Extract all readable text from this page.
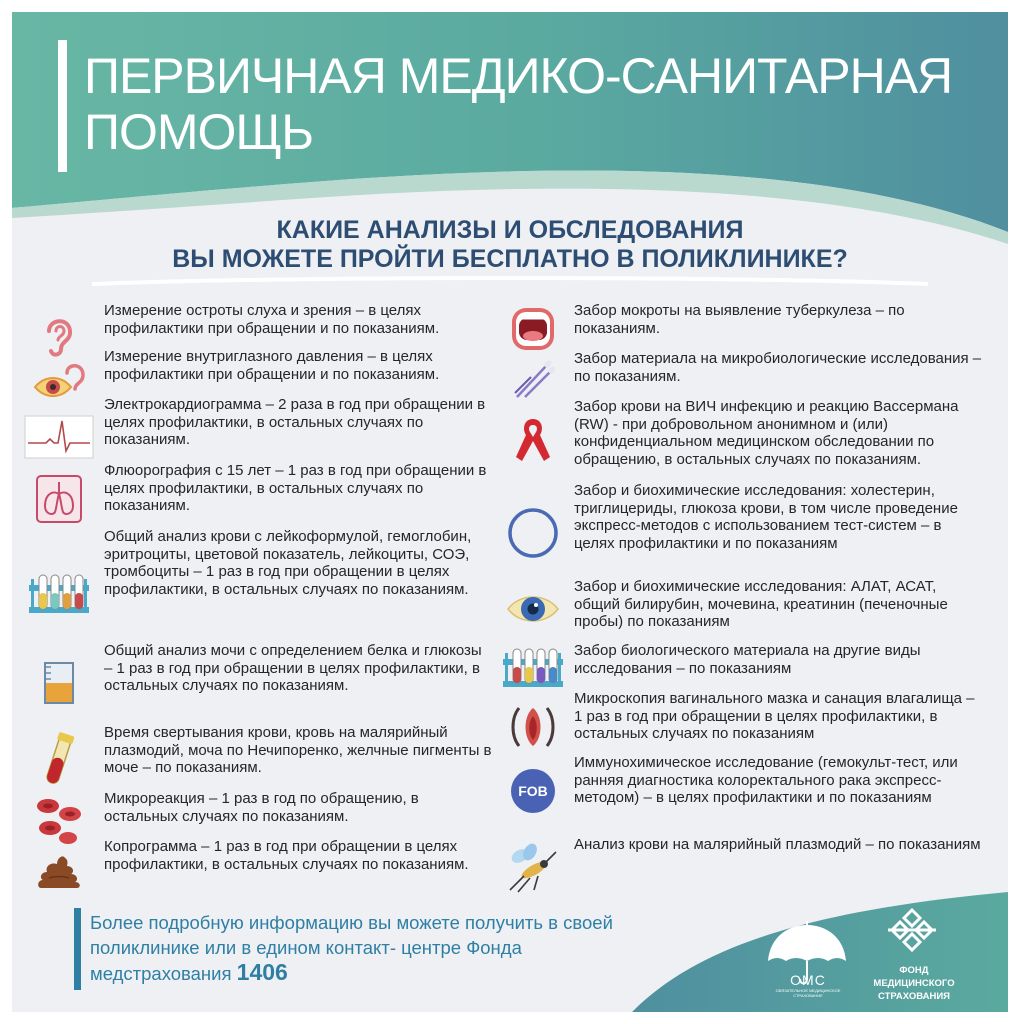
ПЕРВИЧНАЯ МЕДИКО-САНИТАРНАЯ
ПОМОЩЬ
КАКИЕ АНАЛИЗЫ И ОБСЛЕДОВАНИЯ
ВЫ МОЖЕТЕ ПРОЙТИ БЕСПЛАТНО В ПОЛИКЛИНИКЕ?

Измерение остроты слуха и зрения – в целях профилактики при обращении и по показаниям.

Измерение внутриглазного давления – в целях профилактики при обращении и по показаниям.

Электрокардиограмма – 2 раза в год при обращении в целях профилактики, в остальных случаях по показаниям.

Флюорография с 15 лет – 1 раз в год при обращении в целях профилактики, в остальных случаях по показаниям.

Общий анализ крови с лейкоформулой, гемоглобин, эритроциты, цветовой показатель, лейкоциты, СОЭ, тромбоциты – 1 раз в год при обращении в целях профилактики, в остальных случаях по показаниям.

Общий анализ мочи с определением белка и глюкозы – 1 раз в год при обращении в целях профилактики, в остальных случаях по показаниям.

Время свертывания крови, кровь на малярийный плазмодий, моча по Нечипоренко, желчные пигменты в моче – по показаниям.

Микрореакция – 1 раз в год по обращению, в остальных случаях по показаниям.

Копрограмма – 1 раз в год при обращении в целях профилактики, в остальных случаях по показаниям.

Забор мокроты на выявление туберкулеза – по показаниям.

Забор материала на микробиологические исследования – по показаниям.

Забор крови на ВИЧ инфекцию и реакцию Вассермана (RW) - при добровольном анонимном и (или) конфиденциальном медицинском обследовании по обращению, в остальных случаях по показаниям.

Забор и биохимические исследования: холестерин, триглицериды, глюкоза крови, в том числе проведение экспресс-методов с использованием тест-систем – в целях профилактики и по показаниям

Забор и биохимические исследования: АЛАТ, АСАТ, общий билирубин, мочевина, креатинин (печеночные пробы) по показаниям

Забор биологического материала на другие виды исследования – по показаниям

Микроскопия вагинального мазка и санация влагалища – 1 раз в год при обращении в целях профилактики, в остальных случаях по показаниям

FOB

Иммунохимическое исследование (гемокульт-тест, или ранняя диагностика колоректального рака экспресс-методом) – в целях профилактики и по показаниям

Анализ крови на малярийный плазмодий – по показаниям

Более подробную информацию вы можете получить в своей поликлинике или в едином контакт- центре Фонда медстрахования 1406	ОМС
ОБЯЗАТЕЛЬНОЕ МЕДИЦИНСКОЕ СТРАХОВАНИЕ
ФОНД
МЕДИЦИНСКОГО
СТРАХОВАНИЯ
